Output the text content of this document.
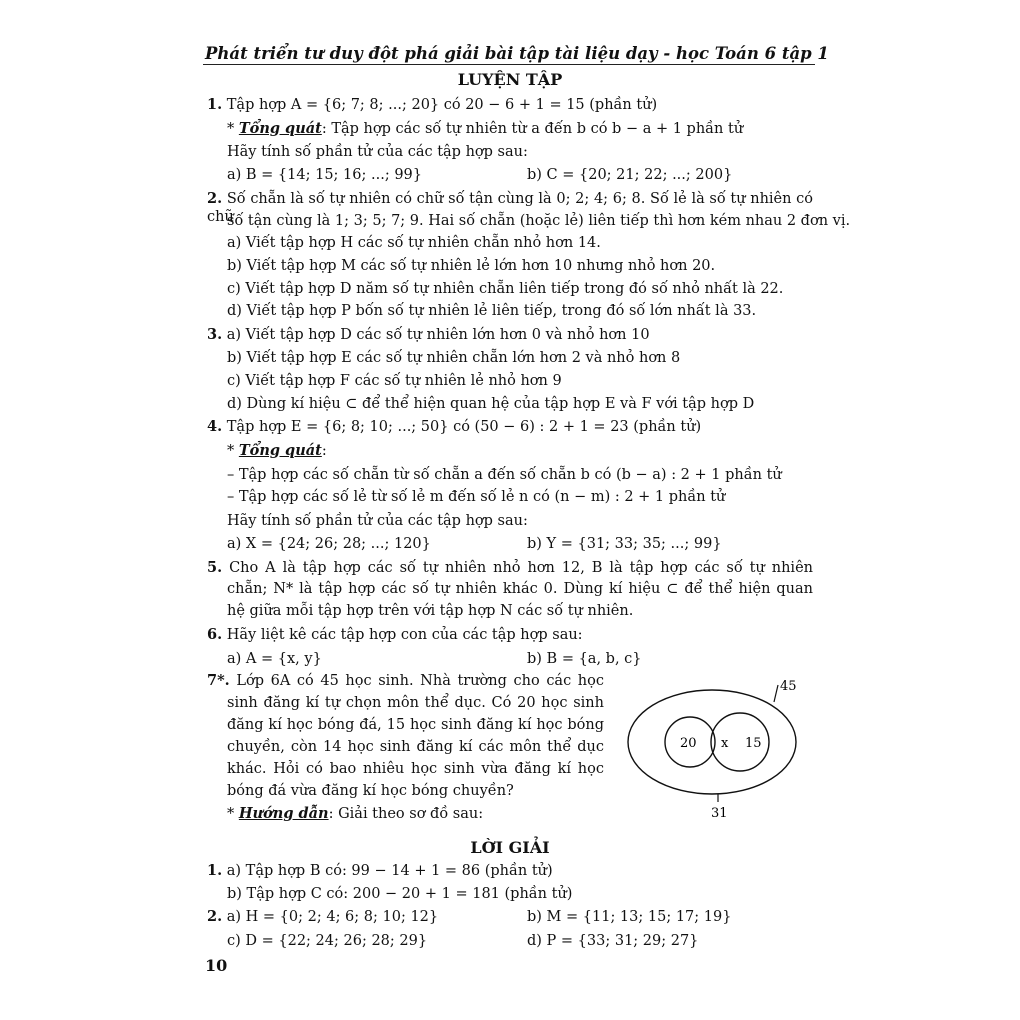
Phát triển tư duy đột phá giải bài tập tài liệu dạy - học Toán 6 tập 1
LUYỆN TẬP
1. Tập hợp A = {6; 7; 8; ...; 20} có 20 − 6 + 1 = 15 (phần tử)
* Tổng quát: Tập hợp các số tự nhiên từ a đến b có b − a + 1 phần tử
Hãy tính số phần tử của các tập hợp sau:
a) B = {14; 15; 16; ...; 99}	b) C = {20; 21; 22; ...; 200}
2. Số chẵn là số tự nhiên có chữ số tận cùng là 0; 2; 4; 6; 8. Số lẻ là số tự nhiên có chữ
số tận cùng là 1; 3; 5; 7; 9. Hai số chẵn (hoặc lẻ) liên tiếp thì hơn kém nhau 2 đơn vị.
a) Viết tập hợp H các số tự nhiên chẵn nhỏ hơn 14.
b) Viết tập hợp M các số tự nhiên lẻ lớn hơn 10 nhưng nhỏ hơn 20.
c) Viết tập hợp D năm số tự nhiên chẵn liên tiếp trong đó số nhỏ nhất là 22.
d) Viết tập hợp P bốn số tự nhiên lẻ liên tiếp, trong đó số lớn nhất là 33.
3. a) Viết tập hợp D các số tự nhiên lớn hơn 0 và nhỏ hơn 10
b) Viết tập hợp E các số tự nhiên chẵn lớn hơn 2 và nhỏ hơn 8
c) Viết tập hợp F các số tự nhiên lẻ nhỏ hơn 9
d) Dùng kí hiệu ⊂ để thể hiện quan hệ của tập hợp E và F với tập hợp D
4. Tập hợp E = {6; 8; 10; ...; 50} có (50 − 6) : 2 + 1 = 23 (phần tử)
* Tổng quát:
– Tập hợp các số chẵn từ số chẵn a đến số chẵn b có (b − a) : 2 + 1 phần tử
– Tập hợp các số lẻ từ số lẻ m đến số lẻ n có (n − m) : 2 + 1 phần tử
Hãy tính số phần tử của các tập hợp sau:
a) X = {24; 26; 28; ...; 120}	b) Y = {31; 33; 35; ...; 99}
5. Cho A là tập hợp các số tự nhiên nhỏ hơn 12, B là tập hợp các số tự nhiên
chẵn; N* là tập hợp các số tự nhiên khác 0. Dùng kí hiệu ⊂ để thể hiện quan
hệ giữa mỗi tập hợp trên với tập hợp N các số tự nhiên.
6. Hãy liệt kê các tập hợp con của các tập hợp sau:
a) A = {x, y}	b) B = {a, b, c}
7*. Lớp 6A có 45 học sinh. Nhà trường cho các học
sinh đăng kí tự chọn môn thể dục. Có 20 học sinh
đăng kí học bóng đá, 15 học sinh đăng kí học bóng
chuyền, còn 14 học sinh đăng kí các môn thể dục
khác. Hỏi có bao nhiêu học sinh vừa đăng kí học
bóng đá vừa đăng kí học bóng chuyền?
* Hướng dẫn: Giải theo sơ đồ sau:
45
20 x 15
31
LỜI GIẢI
1. a) Tập hợp B có: 99 − 14 + 1 = 86 (phần tử)
b) Tập hợp C có: 200 − 20 + 1 = 181 (phần tử)
2. a) H = {0; 2; 4; 6; 8; 10; 12}	b) M = {11; 13; 15; 17; 19}
c) D = {22; 24; 26; 28; 29}	d) P = {33; 31; 29; 27}
10
